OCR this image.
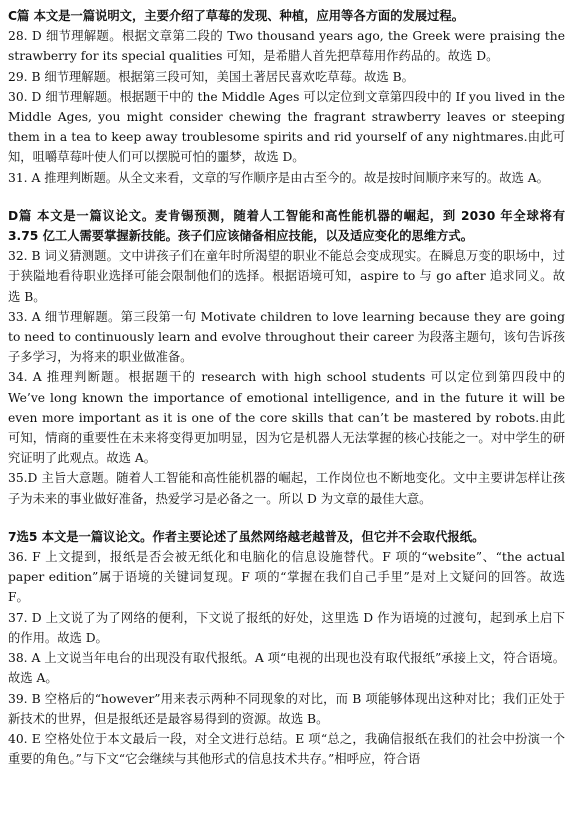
C篇 本文是一篇说明文，主要介绍了草莓的发现、种植，应用等各方面的发展过程。

28. D 细节理解题。根据文章第二段的 Two thousand years ago, the Greek were praising the strawberry for its special qualities 可知，是希腊人首先把草莓用作药品的。故选 D。

29. B 细节理解题。根据第三段可知，美国土著居民喜欢吃草莓。故选 B。

30. D 细节理解题。根据题干中的 the Middle Ages 可以定位到文章第四段中的 If you lived in the Middle Ages, you might consider chewing the fragrant strawberry leaves or steeping them in a tea to keep away troublesome spirits and rid yourself of any nightmares.由此可知，咀嚼草莓叶使人们可以摆脱可怕的噩梦，故选 D。

31. A 推理判断题。从全文来看，文章的写作顺序是由古至今的。故是按时间顺序来写的。故选 A。

D篇 本文是一篇议论文。麦肯锡预测，随着人工智能和高性能机器的崛起，到 2030 年全球将有 3.75 亿工人需要掌握新技能。孩子们应该储备相应技能，以及适应变化的思维方式。

32. B 词义猜测题。文中讲孩子们在童年时所渴望的职业不能总会变成现实。在瞬息万变的职场中，过于狭隘地看待职业选择可能会限制他们的选择。根据语境可知，aspire to 与 go after 追求同义。故选 B。

33. A 细节理解题。第三段第一句 Motivate children to love learning because they are going to need to continuously learn and evolve throughout their career 为段落主题句，该句告诉孩子多学习，为将来的职业做准备。

34. A 推理判断题。根据题干的 research with high school students 可以定位到第四段中的 We’ve long known the importance of emotional intelligence, and in the future it will be even more important as it is one of the core skills that can’t be mastered by robots.由此可知，情商的重要性在未来将变得更加明显，因为它是机器人无法掌握的核心技能之一。对中学生的研究证明了此观点。故选 A。

35.D 主旨大意题。随着人工智能和高性能机器的崛起，工作岗位也不断地变化。文中主要讲怎样让孩子为未来的事业做好准备，热爱学习是必备之一。所以 D 为文章的最佳大意。

7选5 本文是一篇议论文。作者主要论述了虽然网络越老越普及，但它并不会取代报纸。

36. F 上文提到，报纸是否会被无纸化和电脑化的信息设施替代。F 项的“website”、“the actual paper edition”属于语境的关键词复现。F 项的“掌握在我们自己手里”是对上文疑问的回答。故选 F。

37. D 上文说了为了网络的便利，下文说了报纸的好处，这里选 D 作为语境的过渡句，起到承上启下的作用。故选 D。

38. A 上文说当年电台的出现没有取代报纸。A 项“电视的出现也没有取代报纸”承接上文，符合语境。故选 A。

39. B 空格后的“however”用来表示两种不同现象的对比，而 B 项能够体现出这种对比；我们正处于新技术的世界，但是报纸还是最容易得到的资源。故选 B。

40. E 空格处位于本文最后一段，对全文进行总结。E 项“总之，我确信报纸在我们的社会中扮演一个重要的角色。”与下文“它会继续与其他形式的信息技术共存。”相呼应，符合语
